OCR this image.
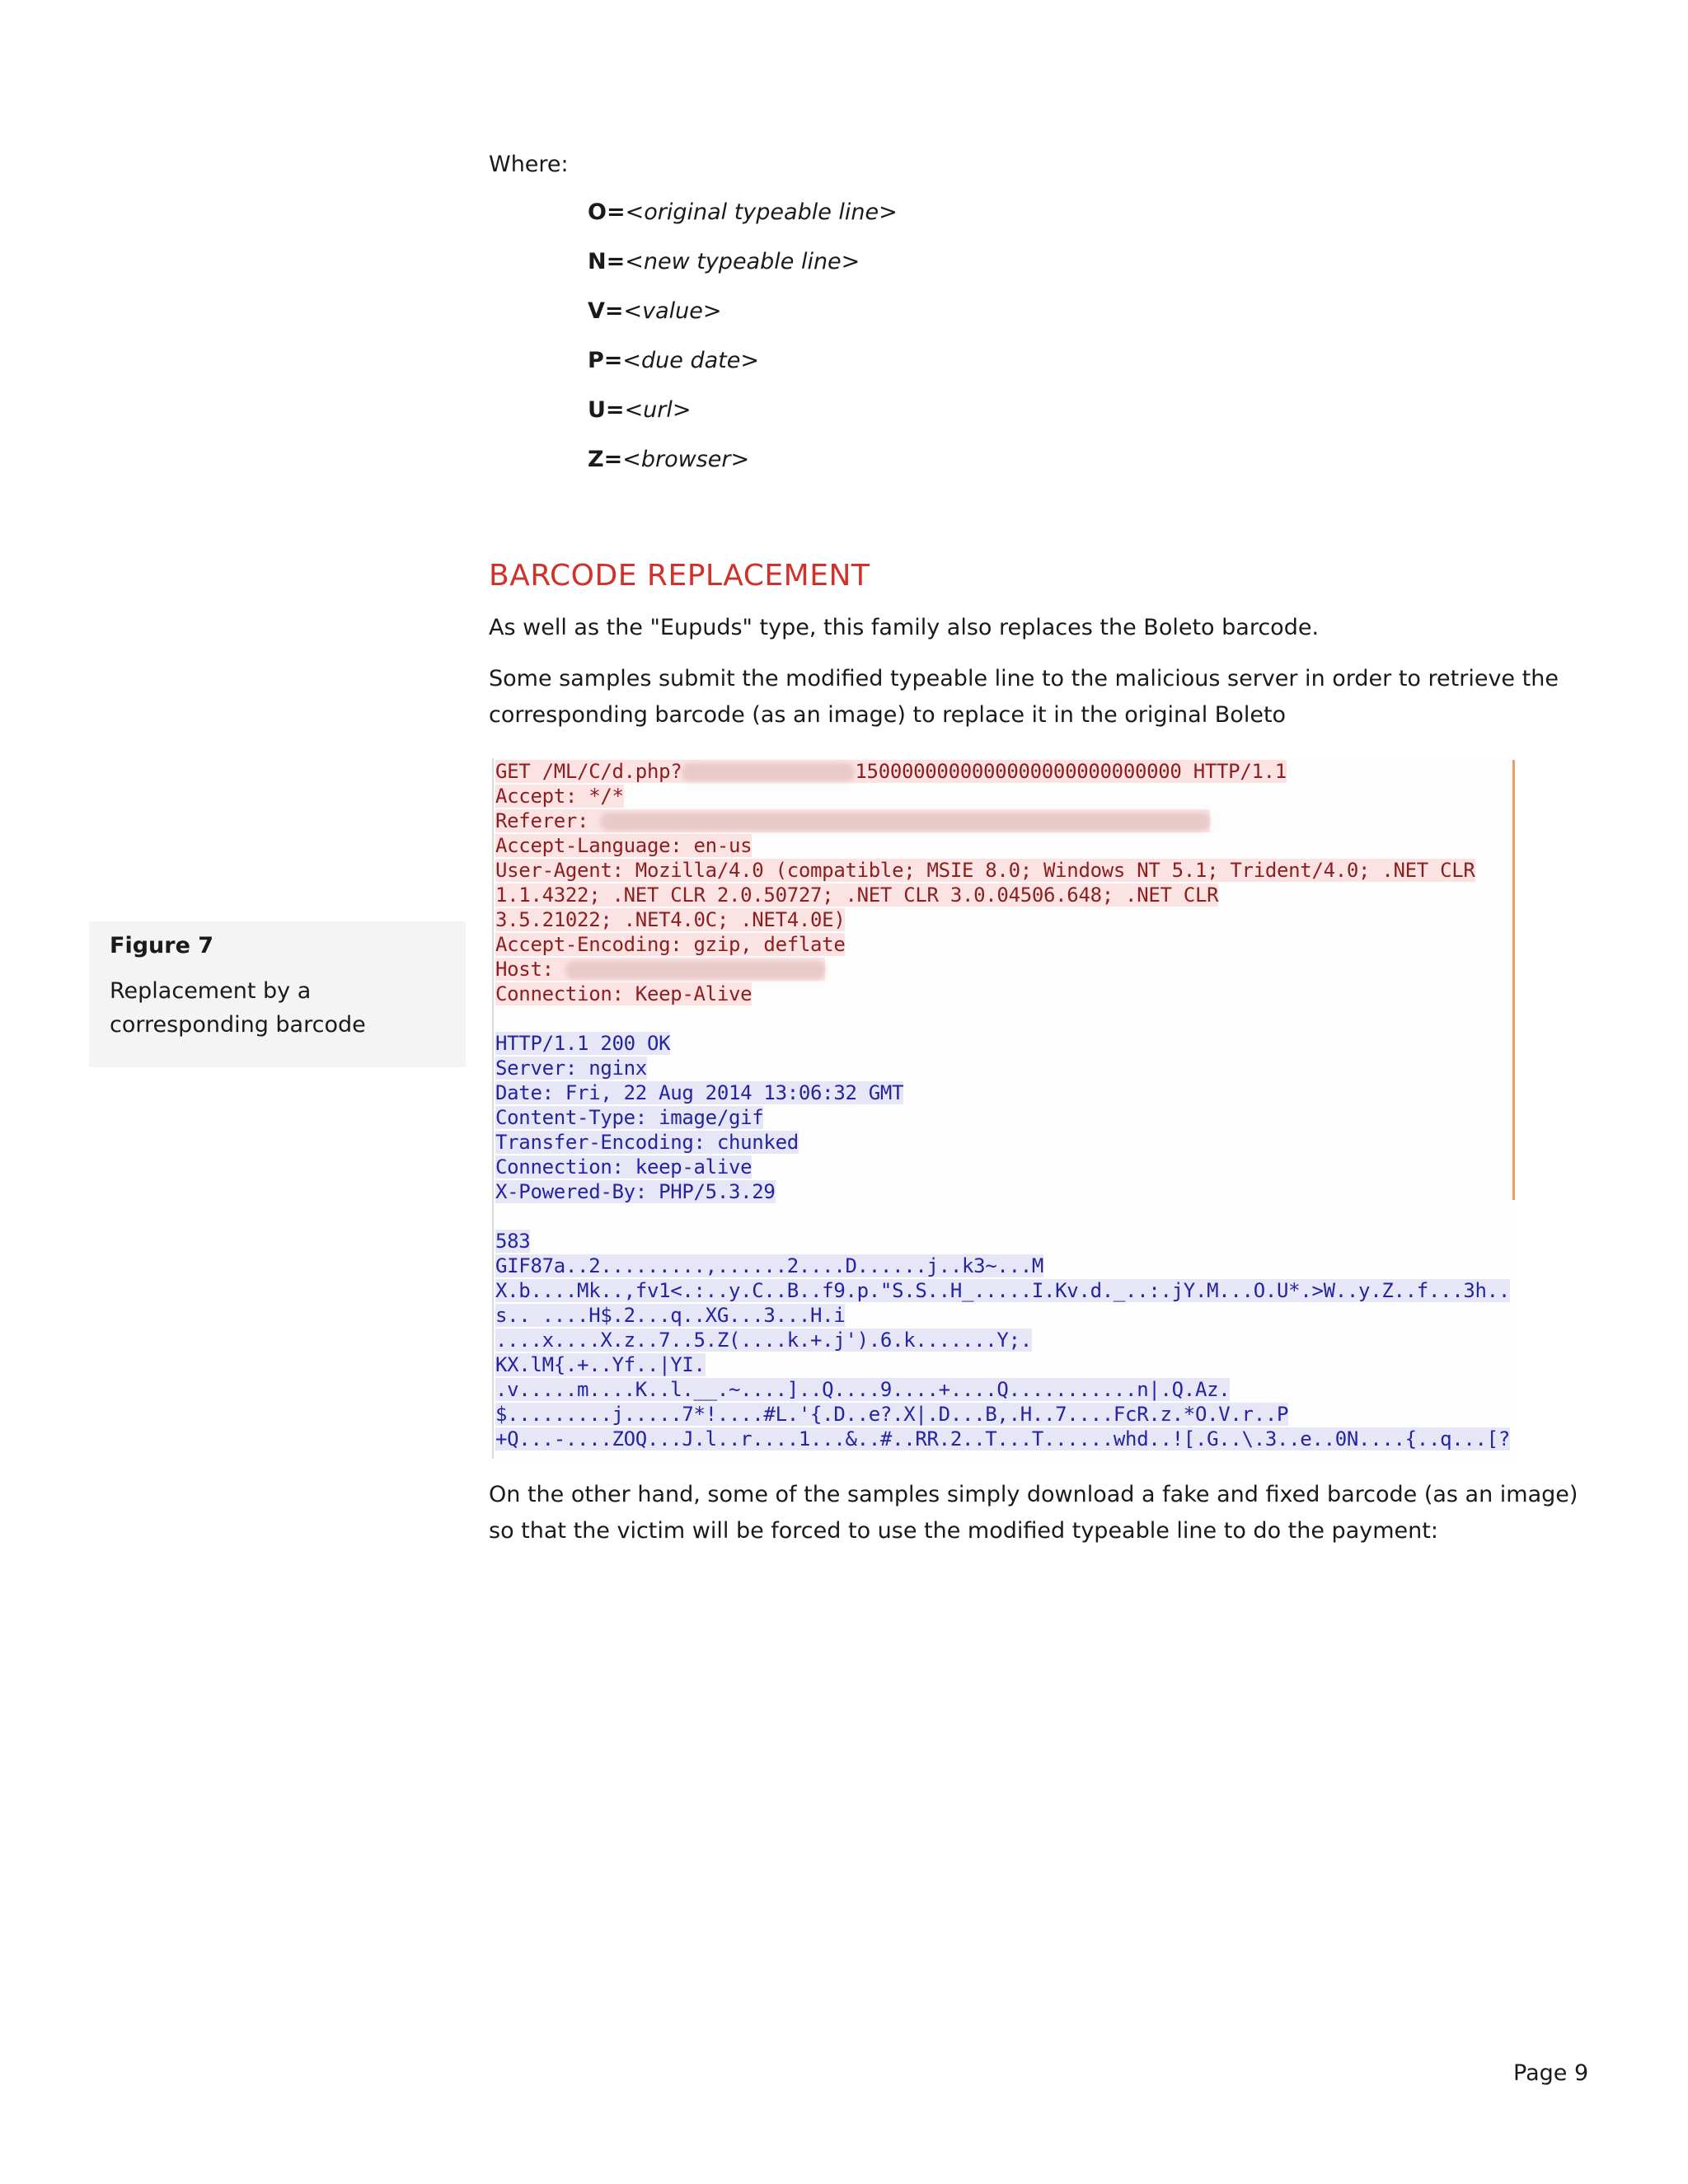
Where:
O=<original typeable line>
N=<new typeable line>
V=<value>
P=<due date>
U=<url>
Z=<browser>
BARCODE REPLACEMENT
As well as the "Eupuds" type, this family also replaces the Boleto barcode.
Some samples submit the modified typeable line to the malicious server in order to retrieve the corresponding barcode (as an image) to replace it in the original Boleto
Figure 7
Replacement by a corresponding barcode
GET /ML/C/d.php?	1500000000000000000000000000 HTTP/1.1
Accept: */*
Referer:
Accept-Language: en-us
User-Agent: Mozilla/4.0 (compatible; MSIE 8.0; Windows NT 5.1; Trident/4.0; .NET CLR
1.1.4322; .NET CLR 2.0.50727; .NET CLR 3.0.04506.648; .NET CLR
3.5.21022; .NET4.0C; .NET4.0E)
Accept-Encoding: gzip, deflate
Host:
Connection: Keep-Alive
HTTP/1.1 200 OK
Server: nginx
Date: Fri, 22 Aug 2014 13:06:32 GMT
Content-Type: image/gif
Transfer-Encoding: chunked
Connection: keep-alive
X-Powered-By: PHP/5.3.29
583
GIF87a..2.........,......2....D......j..k3~...M
X.b....Mk..,fv1<.:..y.C..B..f9.p."S.S..H_.....I.Kv.d._..:.jY.M...O.U*.>W..y.Z..f...3h..
s.. ....H$.2...q..XG...3...H.i
....x....X.z..7..5.Z(....k.+.j').6.k.......Y;.
KX.lM{.+..Yf..|YI.
.v.....m....K..l.__.~....]..Q....9....+....Q...........n|.Q.Az.
$.........j.....7*!....#L.'{.D..e?.X|.D...B,.H..7....FcR.z.*O.V.r..P
+Q...-....ZOQ...J.l..r....1...&..#..RR.2..T...T......whd..![.G..\.3..e..0N....{..q...[?
On the other hand, some of the samples simply download a fake and fixed barcode (as an image) so that the victim will be forced to use the modified typeable line to do the payment:
Page 9
